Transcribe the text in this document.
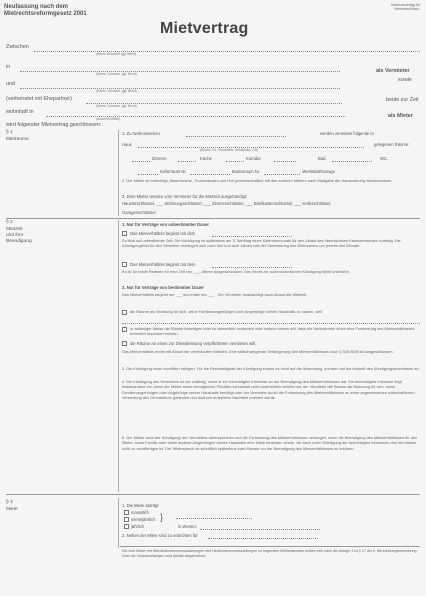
Neufassung nach dem
Mietrechtsreformgesetz 2001
Vordruckverlag für
Vermieter/Haus-
Mietvertrag
Zwischen
(Name, Anschrift, ggf. Beruf)
in
(Name, Vorname, ggf. Beruf)	als Vermieter
sowie
und
(Name, Vorname, ggf. Beruf)
(verheiratet mit Ehepartner)
(Name, Vorname, ggf. Beruf)
beide zur Zeit
wohnhaft in
(Anschrift Mieter)	als Mieter
wird folgender Mietvertrag geschlossen:
§ 1
Mieträume
1. Zu Wohnzwecken	werden vermietet folgende in
Haus
(Straße, Nr., Stockwerk, rechts/links, Ort)
gelegenen Räume:
Zimmer,	Küche	Korridor	Bad,	WC,
Kellerraum Nr.	Bodenraum Nr.	, Werkstatt/Garage
2. Der Mieter ist berechtigt, Waschküche, Trockenboden und Hof gemeinschaftlich mit den anderen Mietern nach Maßgabe der Hausordnung mitzubenutzen.
3. Dem Mieter werden vom Vermieter für die Mietzeit ausgehändigt:
Haustürschlüssel, ___ Wohnungsschlüssel, ___ Zimmerschlüssel, ___ Briefkastenschlüssel, ___ Kellerschlüssel
Garagenschlüssel
§ 2
Mietzeit
und ihre
Beendigung
1. Nur für Verträge von unbestimmter Dauer
Das Mietverhältnis beginnt mit dem
Es läuft auf unbestimmte Zeit. Die Kündigung ist spätestens am 3. Werktag eines Kalendermonats für den Ablauf des übernächsten Kalendermonats zulässig. Die Kündigungsfrist für den Vermieter verlängert sich nach fünf und acht Jahren seit der Überlassung des Wohnraums um jeweils drei Monate.
Das Mietverhältnis beginnt mit dem
Es ist für beide Parteien für eine Zeit von ___ Jahren ausgeschlossen. Das Recht zur außerordentlichen Kündigung bleibt unberührt.
2. Nur für Verträge von bestimmter Dauer
Das Mietverhältnis beginnt am ___ und endet am ___ . Der Vermieter beabsichtigt nach Ablauf der Mietzeit
die Räume als Wohnung für sich, seine Familienangehörigen oder Angehörige seines Haushalts zu nutzen, weil
in zulässiger Weise die Räume beseitigen oder so wesentlich verändern oder instand setzen will, dass die Maßnahmen durch eine Fortsetzung des Mietverhältnisses erheblich erschwert würden.
die Räume an einen zur Dienstleistung Verpflichteten vermieten will.
Das Mietverhältnis endet mit Ablauf der vereinbarten Mietzeit. Eine stillschweigende Verlängerung des Mietverhältnisses nach § 545 BGB ist ausgeschlossen.
3. Die Kündigung muss schriftlich erfolgen. Für die Rechtzeitigkeit der Kündigung kommt es nicht auf die Absendung, sondern auf die Ankunft des Kündigungsschreibens an.
4. Die Kündigung des Vermieters ist nur zulässig, wenn er ein berechtigtes Interesse an der Beendigung des Mietverhältnisses hat. Ein berechtigtes Interesse liegt insbesondere vor, wenn der Mieter seine vertraglichen Pflichten schuldhaft nicht unerheblich verletzt hat, der Vermieter die Räume als Wohnung für sich, seine Familienangehörigen oder Angehörige seines Haushalts benötigt oder der Vermieter durch die Fortsetzung des Mietverhältnisses an einer angemessenen wirtschaftlichen Verwertung des Grundstücks gehindert und dadurch erhebliche Nachteile erleiden würde.
5. Der Mieter kann der Kündigung des Vermieters widersprechen und die Fortsetzung des Mietverhältnisses verlangen, wenn die Beendigung des Mietverhältnisses für den Mieter, seine Familie oder einen anderen Angehörigen seines Haushalts eine Härte bedeuten würde, die auch unter Würdigung der berechtigten Interessen des Vermieters nicht zu rechtfertigen ist. Der Widerspruch ist schriftlich spätestens zwei Monate vor der Beendigung des Mietverhältnisses zu erklären.
§ 3
Miete
1. Die Miete beträgt
monatlich
vierteljährlich
jährlich
}
in Worten:
2. Neben der Miete sind zu entrichten für
Die vom Mieter mit Betriebskostenvorauszahlungen und Heizkostenvorauszahlungen zu tragenden Betriebskosten richten sich nach der Anlage 3 zu § 27 der II. Berechnungsverordnung. Über die Vorauszahlungen wird jährlich abgerechnet.
